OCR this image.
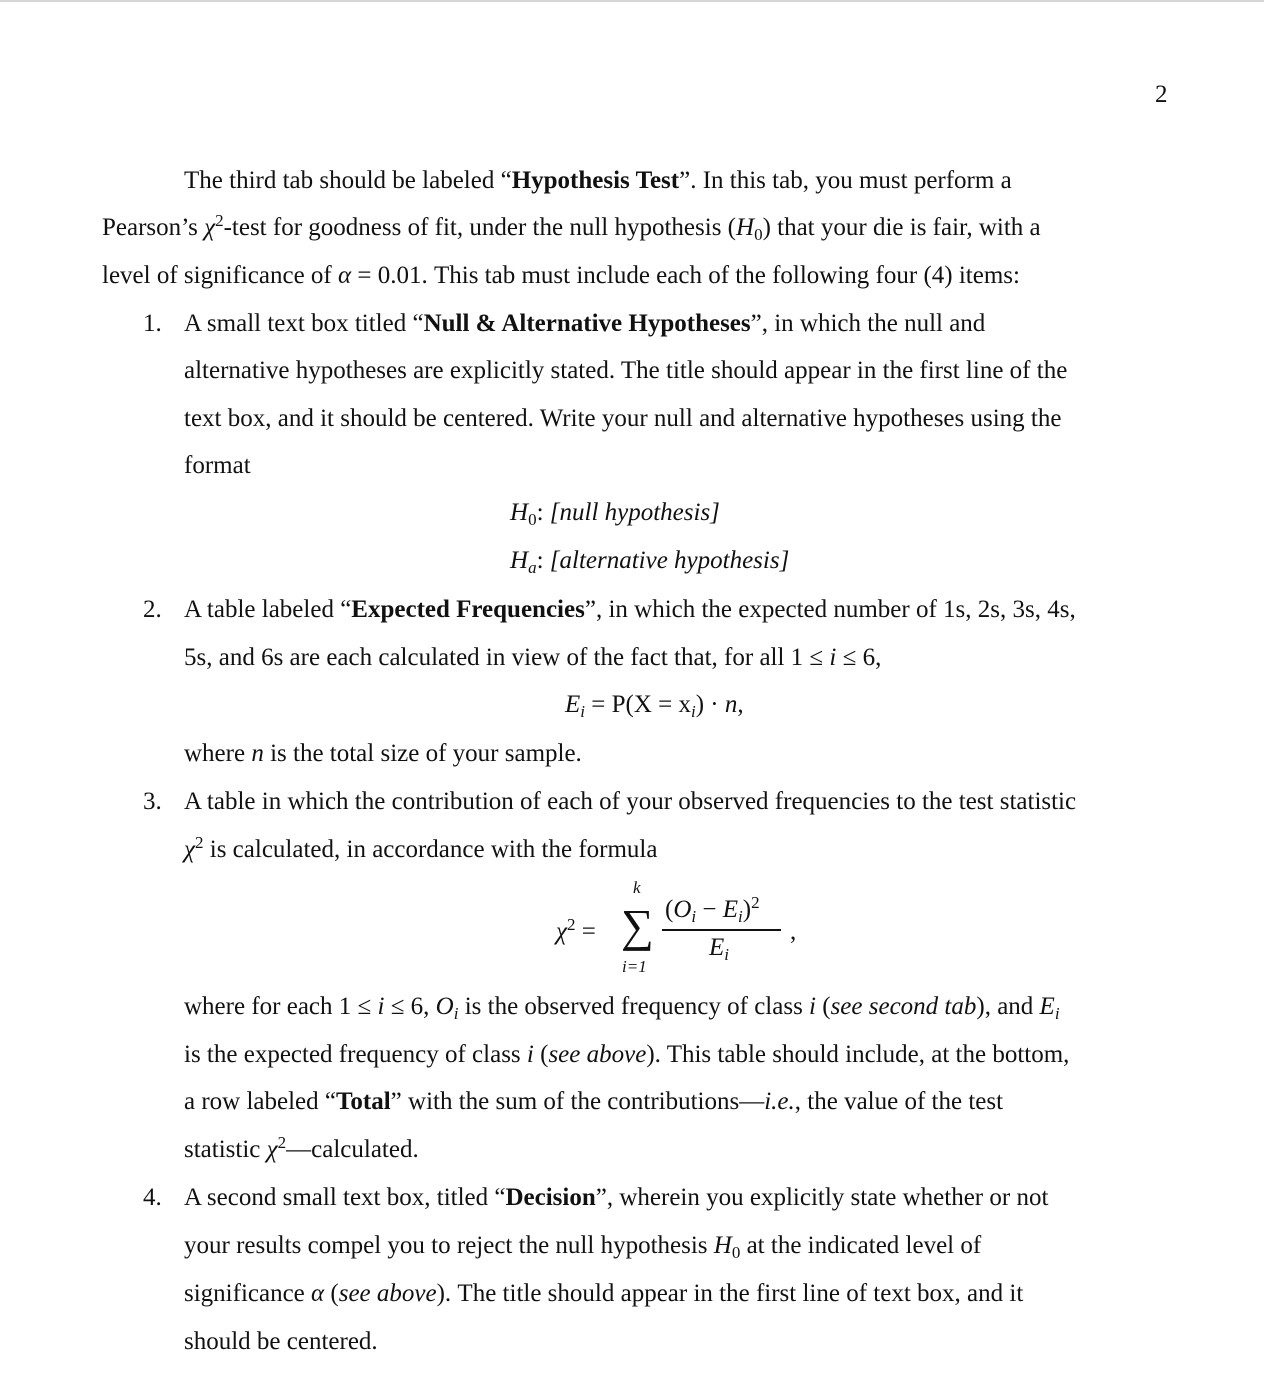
2
The third tab should be labeled “Hypothesis Test”. In this tab, you must perform a
Pearson’s $\chi^2$-test for goodness of fit, under the null hypothesis $(H_0)$ that your die is fair, with a
level of significance of α = 0.01. This tab must include each of the following four (4) items:
1. A small text box titled “Null & Alternative Hypotheses”, in which the null and
alternative hypotheses are explicitly stated. The title should appear in the first line of the
text box, and it should be centered. Write your null and alternative hypotheses using the
format
$H_0$: [null hypothesis]
$H_a$: [alternative hypothesis]
2. A table labeled “Expected Frequencies”, in which the expected number of 1s, 2s, 3s, 4s,
5s, and 6s are each calculated in view of the fact that, for all 1 ≤ i ≤ 6,
$E_i = P(X = x_i) \cdot n$,
where n is the total size of your sample.
3. A table in which the contribution of each of your observed frequencies to the test statistic
$\chi^2$ is calculated, in accordance with the formula
$\chi^2$ =
k
∑
i=1
$(O_i - E_i)^2$
$E_i$
,
where for each 1 ≤ i ≤ 6, $O_i$ is the observed frequency of class i (see second tab), and $E_i$
is the expected frequency of class i (see above). This table should include, at the bottom,
a row labeled “Total” with the sum of the contributions—i.e., the value of the test
statistic $\chi^2—calculated$.
4. A second small text box, titled “Decision”, wherein you explicitly state whether or not
your results compel you to reject the null hypothesis $H_0$ at the indicated level of
significance α (see above). The title should appear in the first line of text box, and it
should be centered.
